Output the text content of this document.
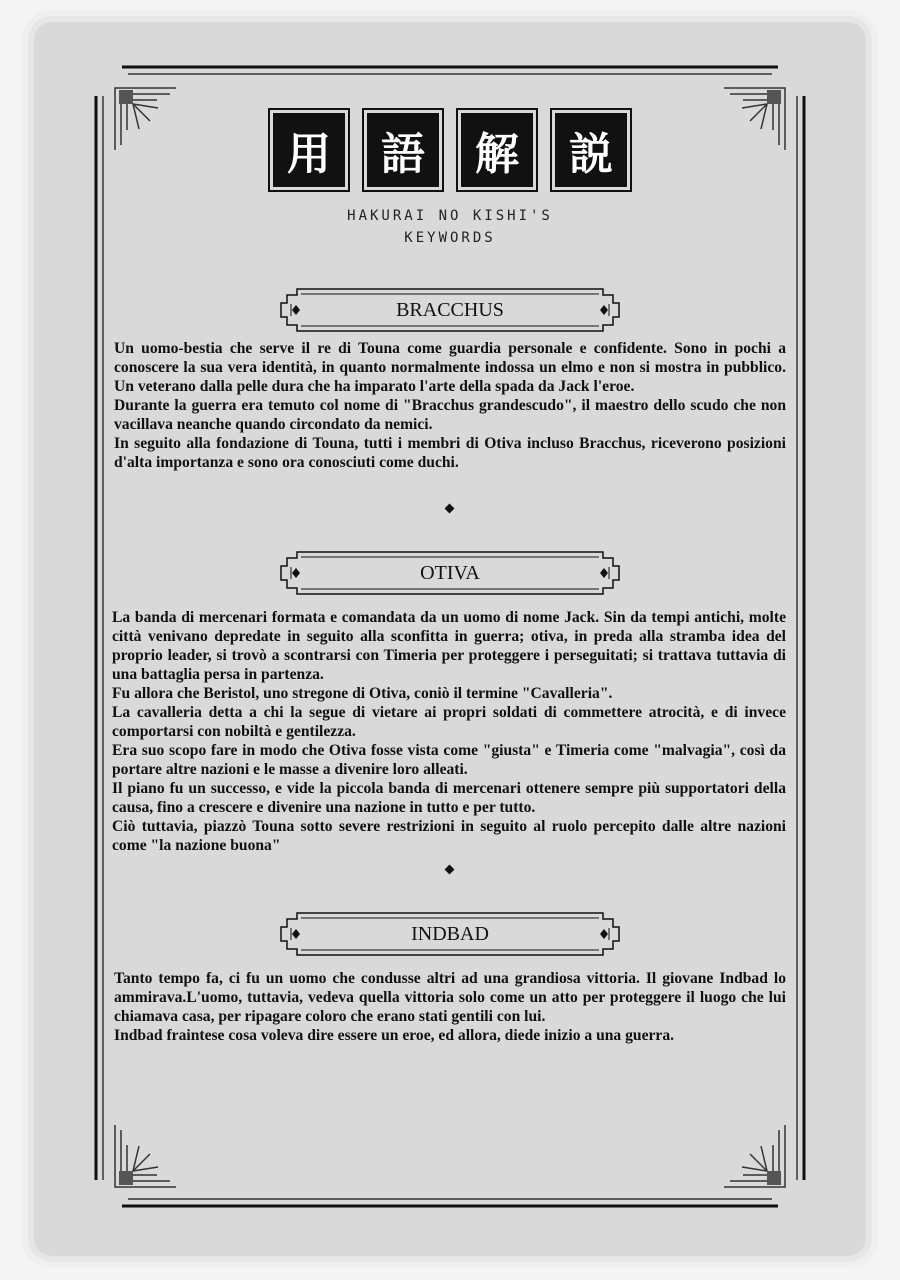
用	語	解	説
HAKURAI NO KISHI'S
KEYWORDS
BRACCHUS

Un uomo-bestia che serve il re di Touna come guardia personale e confidente. Sono in pochi a conoscere la sua vera identità, in quanto normalmente indossa un elmo e non si mostra in pubblico. Un veterano dalla pelle dura che ha imparato l'arte della spada da Jack l'eroe.

Durante la guerra era temuto col nome di "Bracchus grandescudo", il maestro dello scudo che non vacillava neanche quando circondato da nemici.

In seguito alla fondazione di Touna, tutti i membri di Otiva incluso Bracchus, riceverono posizioni d'alta importanza e sono ora conosciuti come duchi.

OTIVA

La banda di mercenari formata e comandata da un uomo di nome Jack. Sin da tempi antichi, molte città venivano depredate in seguito alla sconfitta in guerra; otiva, in preda alla stramba idea del proprio leader, si trovò a scontrarsi con Timeria per proteggere i perseguitati; si trattava tuttavia di una battaglia persa in partenza.

Fu allora che Beristol, uno stregone di Otiva, coniò il termine "Cavalleria".

La cavalleria detta a chi la segue di vietare ai propri soldati di commettere atrocità, e di invece comportarsi con nobiltà e gentilezza.

Era suo scopo fare in modo che Otiva fosse vista come "giusta" e Timeria come "malvagia", così da portare altre nazioni e le masse a divenire loro alleati.

Il piano fu un successo, e vide la piccola banda di mercenari ottenere sempre più supportatori della causa, fino a crescere e divenire una nazione in tutto e per tutto.

Ciò tuttavia, piazzò Touna sotto severe restrizioni in seguito al ruolo percepito dalle altre nazioni come "la nazione buona"

INDBAD

Tanto tempo fa, ci fu un uomo che condusse altri ad una grandiosa vittoria. Il giovane Indbad lo ammirava.L'uomo, tuttavia, vedeva quella vittoria solo come un atto per proteggere il luogo che lui chiamava casa, per ripagare coloro che erano stati gentili con lui.

Indbad fraintese cosa voleva dire essere un eroe, ed allora, diede inizio a una guerra.
